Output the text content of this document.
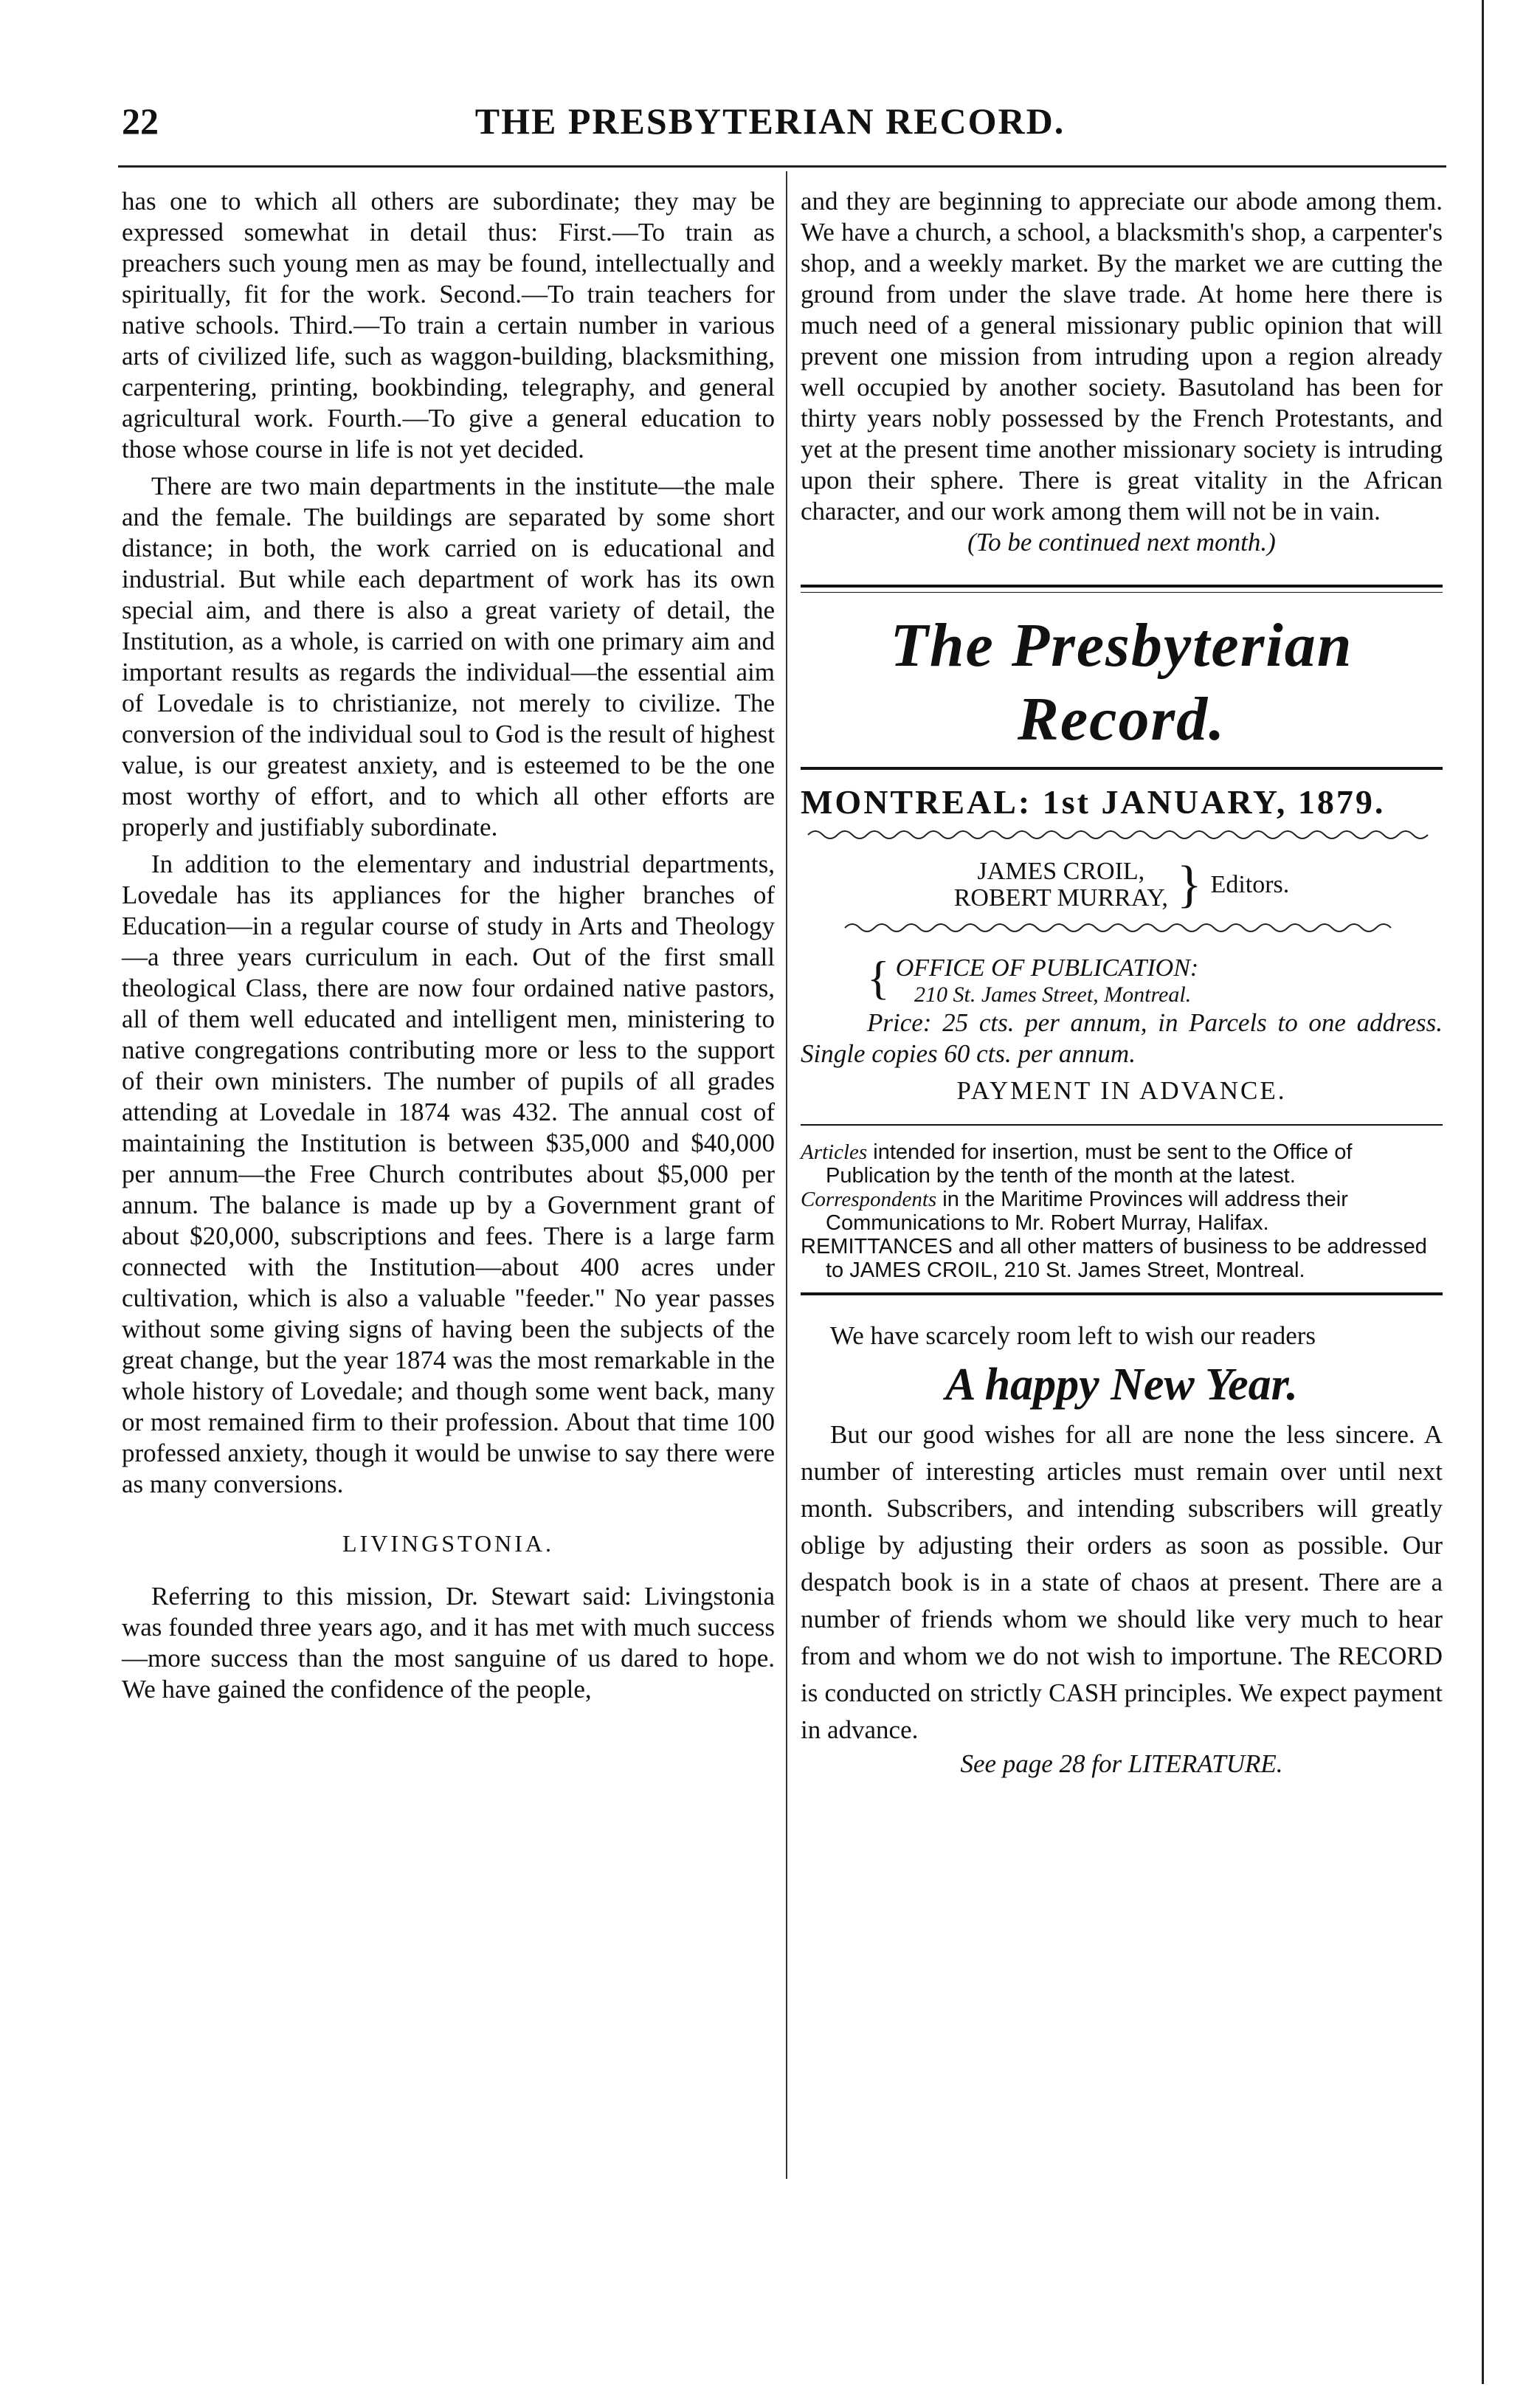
22	THE PRESBYTERIAN RECORD.

has one to which all others are subordinate; they may be expressed somewhat in detail thus: First.—To train as preachers such young men as may be found, intellectually and spiritually, fit for the work. Second.—To train teachers for native schools. Third.—To train a certain number in various arts of civilized life, such as waggon-building, blacksmithing, carpentering, printing, bookbinding, telegraphy, and general agricultural work. Fourth.—To give a general education to those whose course in life is not yet decided.

There are two main departments in the institute—the male and the female. The buildings are separated by some short distance; in both, the work carried on is educational and industrial. But while each department of work has its own special aim, and there is also a great variety of detail, the Institution, as a whole, is carried on with one primary aim and important results as regards the individual—the essential aim of Lovedale is to christianize, not merely to civilize. The conversion of the individual soul to God is the result of highest value, is our greatest anxiety, and is esteemed to be the one most worthy of effort, and to which all other efforts are properly and justifiably subordinate.

In addition to the elementary and industrial departments, Lovedale has its appliances for the higher branches of Education—in a regular course of study in Arts and Theology—a three years curriculum in each. Out of the first small theological Class, there are now four ordained native pastors, all of them well educated and intelligent men, ministering to native congregations contributing more or less to the support of their own ministers. The number of pupils of all grades attending at Lovedale in 1874 was 432. The annual cost of maintaining the Institution is between $35,000 and $40,000 per annum—the Free Church contributes about $5,000 per annum. The balance is made up by a Government grant of about $20,000, subscriptions and fees. There is a large farm connected with the Institution—about 400 acres under cultivation, which is also a valuable "feeder." No year passes without some giving signs of having been the subjects of the great change, but the year 1874 was the most remarkable in the whole history of Lovedale; and though some went back, many or most remained firm to their profession. About that time 100 professed anxiety, though it would be unwise to say there were as many conversions.

LIVINGSTONIA.

Referring to this mission, Dr. Stewart said: Livingstonia was founded three years ago, and it has met with much success—more success than the most sanguine of us dared to hope. We have gained the confidence of the people,

and they are beginning to appreciate our abode among them. We have a church, a school, a blacksmith's shop, a carpenter's shop, and a weekly market. By the market we are cutting the ground from under the slave trade. At home here there is much need of a general missionary public opinion that will prevent one mission from intruding upon a region already well occupied by another society. Basutoland has been for thirty years nobly possessed by the French Protestants, and yet at the present time another missionary society is intruding upon their sphere. There is great vitality in the African character, and our work among them will not be in vain.

(To be continued next month.)

The Presbyterian Record.
MONTREAL: 1st JANUARY, 1879.
JAMES CROIL,
ROBERT MURRAY, } Editors.
{ OFFICE OF PUBLICATION:
210 St. James Street, Montreal.

Price: 25 cts. per annum, in Parcels to one address. Single copies 60 cts. per annum.

PAYMENT IN ADVANCE.

Articles intended for insertion, must be sent to the Office of Publication by the tenth of the month at the latest.

Correspondents in the Maritime Provinces will address their Communications to Mr. Robert Murray, Halifax.

REMITTANCES and all other matters of business to be addressed to JAMES CROIL, 210 St. James Street, Montreal.

We have scarcely room left to wish our readers

A happy New Year.

But our good wishes for all are none the less sincere. A number of interesting articles must remain over until next month. Subscribers, and intending subscribers will greatly oblige by adjusting their orders as soon as possible. Our despatch book is in a state of chaos at present. There are a number of friends whom we should like very much to hear from and whom we do not wish to importune. The RECORD is conducted on strictly CASH principles. We expect payment in advance.

See page 28 for LITERATURE.
